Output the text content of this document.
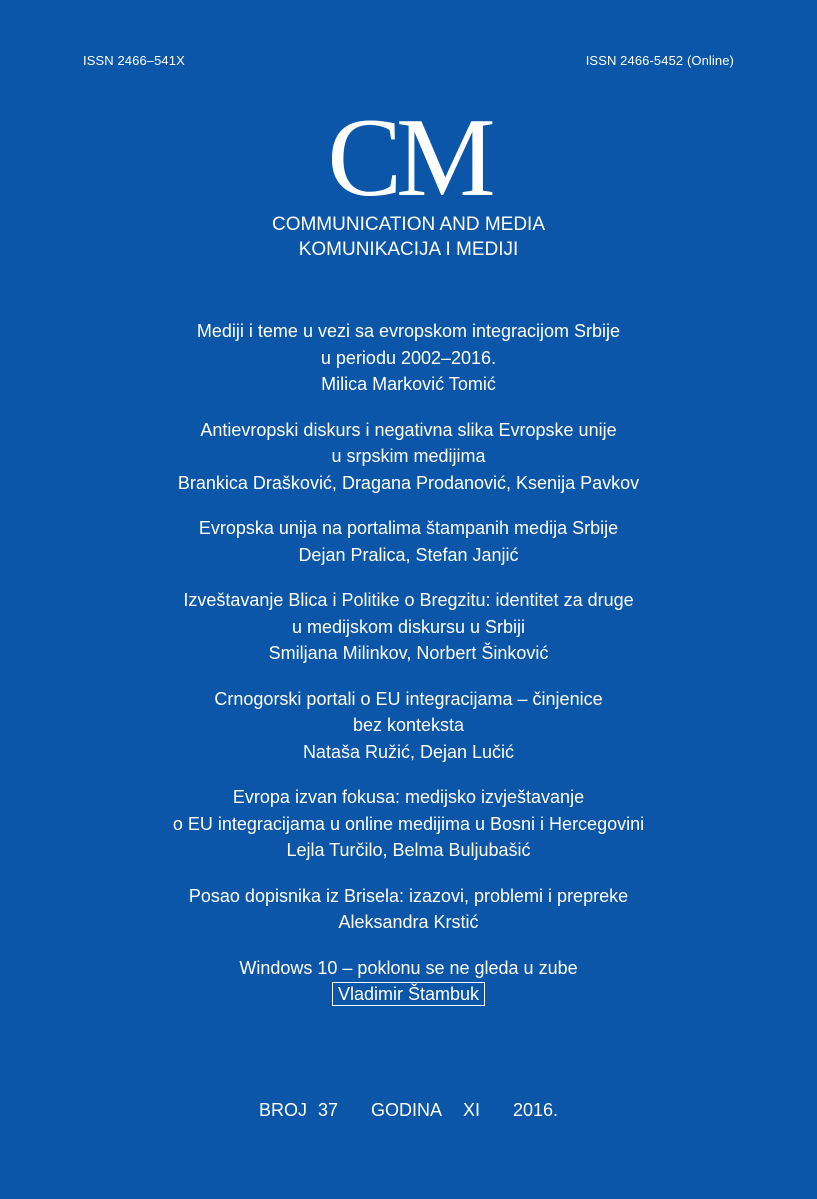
ISSN 2466–541X	ISSN 2466-5452 (Online)
CM
COMMUNICATION AND MEDIA
KOMUNIKACIJA I MEDIJI
Mediji i teme u vezi sa evropskom integracijom Srbije
u periodu 2002–2016.
Milica Marković Tomić
Antievropski diskurs i negativna slika Evropske unije
u srpskim medijima
Brankica Drašković, Dragana Prodanović, Ksenija Pavkov
Evropska unija na portalima štampanih medija Srbije
Dejan Pralica, Stefan Janjić
Izveštavanje Blica i Politike o Bregzitu: identitet za druge
u medijskom diskursu u Srbiji
Smiljana Milinkov, Norbert Šinković
Crnogorski portali o EU integracijama – činjenice
bez konteksta
Nataša Ružić, Dejan Lučić
Evropa izvan fokusa: medijsko izvještavanje
o EU integracijama u online medijima u Bosni i Hercegovini
Lejla Turčilo, Belma Buljubašić
Posao dopisnika iz Brisela: izazovi, problemi i prepreke
Aleksandra Krstić
Windows 10 – poklonu se ne gleda u zube
Vladimir Štambuk
BROJ 37   GODINA  XI   2016.
